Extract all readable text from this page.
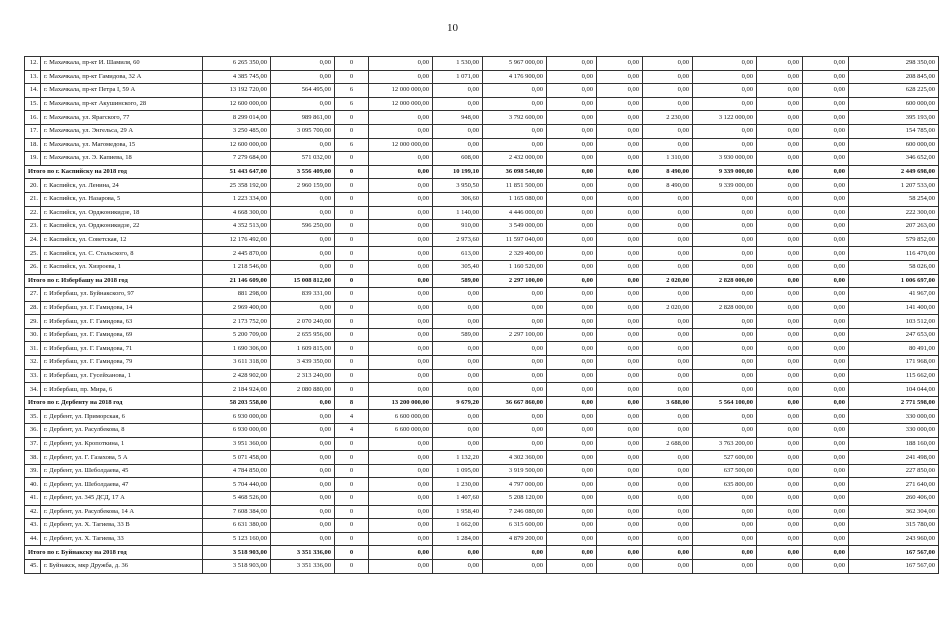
10
12.	г. Махачкала, пр-кт И. Шамиля, 60	6 265 350,00	0,00	0	0,00	1 530,00	5 967 000,00	0,00	0,00	0,00	0,00	0,00	0,00	298 350,00
13.	г. Махачкала, пр-кт Гамидова, 32 А	4 385 745,00	0,00	0	0,00	1 071,00	4 176 900,00	0,00	0,00	0,00	0,00	0,00	0,00	208 845,00
14.	г. Махачкала, пр-кт Петра I, 59 А	13 192 720,00	564 495,00	6	12 000 000,00	0,00	0,00	0,00	0,00	0,00	0,00	0,00	0,00	628 225,00
15.	г. Махачкала, пр-кт Акушинского, 28	12 600 000,00	0,00	6	12 000 000,00	0,00	0,00	0,00	0,00	0,00	0,00	0,00	0,00	600 000,00
16.	г. Махачкала, ул. Ярагского, 77	8 299 014,00	989 861,00	0	0,00	948,00	3 792 600,00	0,00	0,00	2 230,00	3 122 000,00	0,00	0,00	395 193,00
17.	г. Махачкала, ул. Энгельса, 29 А	3 250 485,00	3 095 700,00	0	0,00	0,00	0,00	0,00	0,00	0,00	0,00	0,00	0,00	154 785,00
18.	г. Махачкала, ул. Магомедова, 15	12 600 000,00	0,00	6	12 000 000,00	0,00	0,00	0,00	0,00	0,00	0,00	0,00	0,00	600 000,00
19.	г. Махачкала, ул. Э. Капиева, 18	7 279 684,00	571 032,00	0	0,00	608,00	2 432 000,00	0,00	0,00	1 310,00	3 930 000,00	0,00	0,00	346 652,00
Итого по г. Каспийску на 2018 год		51 443 647,00	3 556 409,00	0	0,00	10 199,10	36 098 540,00	0,00	0,00	8 490,00	9 339 000,00	0,00	0,00	2 449 698,00
20.	г. Каспийск, ул. Ленина, 24	25 358 192,00	2 960 159,00	0	0,00	3 950,50	11 851 500,00	0,00	0,00	8 490,00	9 339 000,00	0,00	0,00	1 207 533,00
21.	г. Каспийск, ул. Назарова, 5	1 223 334,00	0,00	0	0,00	306,60	1 165 080,00	0,00	0,00	0,00	0,00	0,00	0,00	58 254,00
22.	г. Каспийск, ул. Орджоникидзе, 18	4 668 300,00	0,00	0	0,00	1 140,00	4 446 000,00	0,00	0,00	0,00	0,00	0,00	0,00	222 300,00
23.	г. Каспийск, ул. Орджоникидзе, 22	4 352 513,00	596 250,00	0	0,00	910,00	3 549 000,00	0,00	0,00	0,00	0,00	0,00	0,00	207 263,00
24.	г. Каспийск, ул. Советская, 12	12 176 492,00	0,00	0	0,00	2 973,60	11 597 040,00	0,00	0,00	0,00	0,00	0,00	0,00	579 852,00
25.	г. Каспийск, ул. С. Стальского, 8	2 445 870,00	0,00	0	0,00	613,00	2 329 400,00	0,00	0,00	0,00	0,00	0,00	0,00	116 470,00
26.	г. Каспийск, ул. Хизроева, 1	1 218 546,00	0,00	0	0,00	305,40	1 160 520,00	0,00	0,00	0,00	0,00	0,00	0,00	58 026,00
Итого по г. Избербашу на 2018 год		21 146 609,00	15 008 812,00	0	0,00	589,00	2 297 100,00	0,00	0,00	2 020,00	2 828 000,00	0,00	0,00	1 006 697,00
27.	г. Избербаш, ул. Буйнакского, 97	881 298,00	839 331,00	0	0,00	0,00	0,00	0,00	0,00	0,00	0,00	0,00	0,00	41 967,00
28.	г. Избербаш, ул. Г. Гамидова, 14	2 969 400,00	0,00	0	0,00	0,00	0,00	0,00	0,00	2 020,00	2 828 000,00	0,00	0,00	141 400,00
29.	г. Избербаш, ул. Г. Гамидова, 63	2 173 752,00	2 070 240,00	0	0,00	0,00	0,00	0,00	0,00	0,00	0,00	0,00	0,00	103 512,00
30.	г. Избербаш, ул. Г. Гамидова, 69	5 200 709,00	2 655 956,00	0	0,00	589,00	2 297 100,00	0,00	0,00	0,00	0,00	0,00	0,00	247 653,00
31.	г. Избербаш, ул. Г. Гамидова, 71	1 690 306,00	1 609 815,00	0	0,00	0,00	0,00	0,00	0,00	0,00	0,00	0,00	0,00	80 491,00
32.	г. Избербаш, ул. Г. Гамидова, 79	3 611 318,00	3 439 350,00	0	0,00	0,00	0,00	0,00	0,00	0,00	0,00	0,00	0,00	171 968,00
33.	г. Избербаш, ул. Гусейханова, 1	2 428 902,00	2 313 240,00	0	0,00	0,00	0,00	0,00	0,00	0,00	0,00	0,00	0,00	115 662,00
34.	г. Избербаш, пр. Мира, 6	2 184 924,00	2 080 880,00	0	0,00	0,00	0,00	0,00	0,00	0,00	0,00	0,00	0,00	104 044,00
Итого по г. Дербенту на 2018 год		58 203 558,00	0,00	8	13 200 000,00	9 679,20	36 667 860,00	0,00	0,00	3 688,00	5 564 100,00	0,00	0,00	2 771 598,00
35.	г. Дербент, ул. Приморская, 6	6 930 000,00	0,00	4	6 600 000,00	0,00	0,00	0,00	0,00	0,00	0,00	0,00	0,00	330 000,00
36.	г. Дербент, ул. Расулбекова, 8	6 930 000,00	0,00	4	6 600 000,00	0,00	0,00	0,00	0,00	0,00	0,00	0,00	0,00	330 000,00
37.	г. Дербент, ул. Кропоткина, 1	3 951 360,00	0,00	0	0,00	0,00	0,00	0,00	0,00	2 688,00	3 763 200,00	0,00	0,00	188 160,00
38.	г. Дербент, ул. Г. Газахова, 5 А	5 071 458,00	0,00	0	0,00	1 132,20	4 302 360,00	0,00	0,00	0,00	527 600,00	0,00	0,00	241 498,00
39.	г. Дербент, ул. Шеболдаева, 45	4 784 850,00	0,00	0	0,00	1 095,00	3 919 500,00	0,00	0,00	0,00	637 500,00	0,00	0,00	227 850,00
40.	г. Дербент, ул. Шеболдаева, 47	5 704 440,00	0,00	0	0,00	1 230,00	4 797 000,00	0,00	0,00	0,00	635 800,00	0,00	0,00	271 640,00
41.	г. Дербент, ул. 345 ДСД, 17 А	5 468 526,00	0,00	0	0,00	1 407,60	5 208 120,00	0,00	0,00	0,00	0,00	0,00	0,00	260 406,00
42.	г. Дербент, ул. Расулбекова, 14 А	7 608 384,00	0,00	0	0,00	1 958,40	7 246 080,00	0,00	0,00	0,00	0,00	0,00	0,00	362 304,00
43.	г. Дербент, ул. Х. Тагиева, 33 В	6 631 380,00	0,00	0	0,00	1 662,00	6 315 600,00	0,00	0,00	0,00	0,00	0,00	0,00	315 780,00
44.	г. Дербент, ул. Х. Тагиева, 33	5 123 160,00	0,00	0	0,00	1 284,00	4 879 200,00	0,00	0,00	0,00	0,00	0,00	0,00	243 960,00
Итого по г. Буйнакску на 2018 год		3 518 903,00	3 351 336,00	0	0,00	0,00	0,00	0,00	0,00	0,00	0,00	0,00	0,00	167 567,00
45.	г. Буйнакск, мкр Дружба, д. 36	3 518 903,00	3 351 336,00	0	0,00	0,00	0,00	0,00	0,00	0,00	0,00	0,00	0,00	167 567,00
